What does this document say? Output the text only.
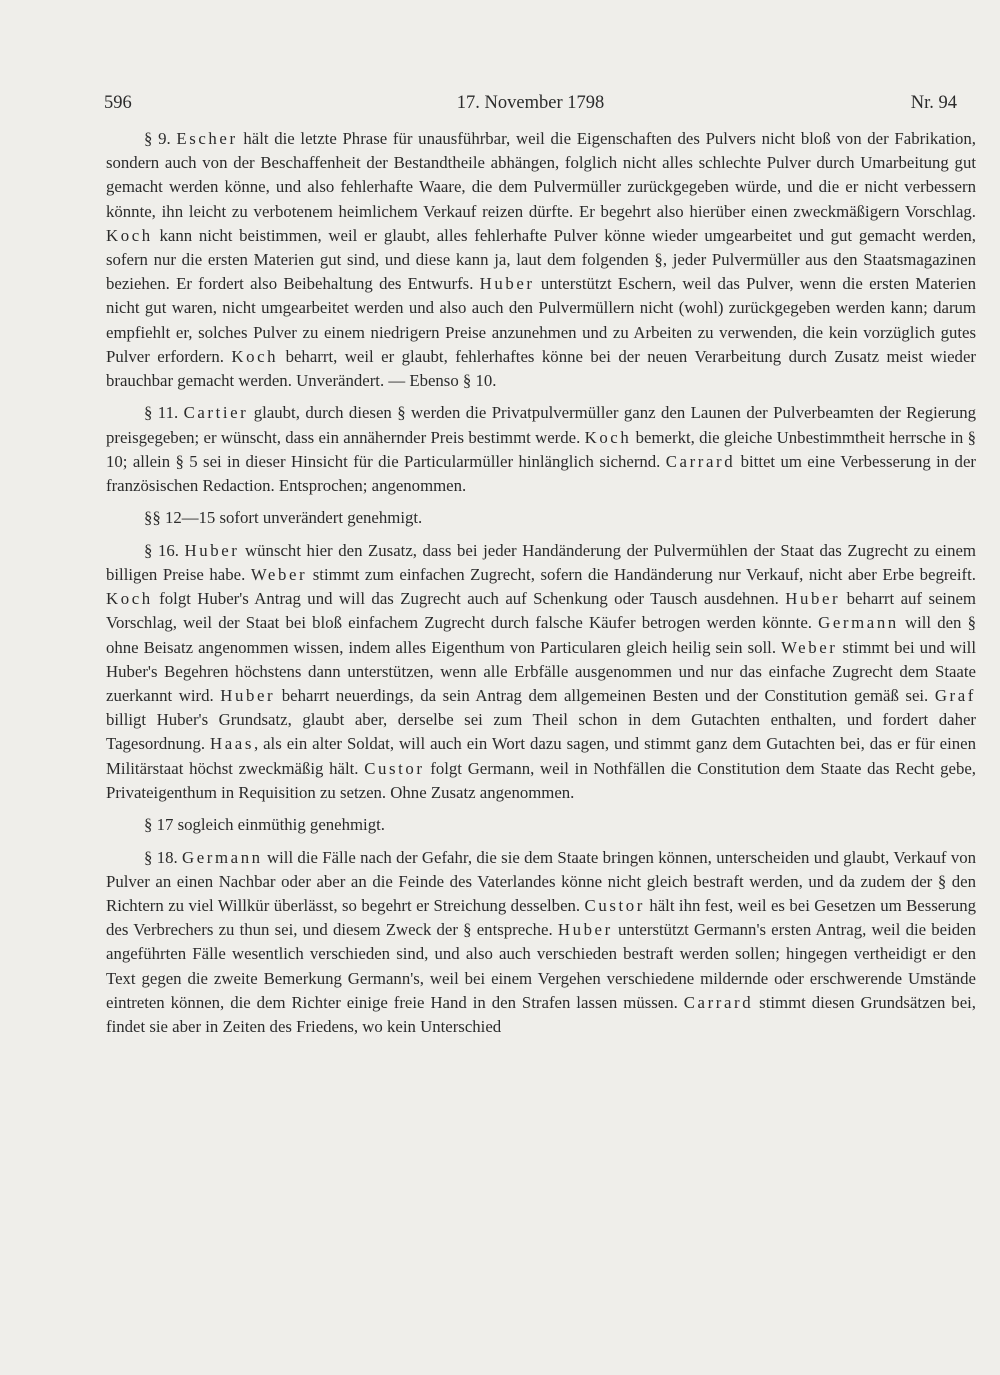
596	17. November 1798	Nr. 94

§ 9. Escher hält die letzte Phrase für unausführbar, weil die Eigenschaften des Pulvers nicht bloß von der Fabrikation, sondern auch von der Beschaffenheit der Bestandtheile abhängen, folglich nicht alles schlechte Pulver durch Umarbeitung gut gemacht werden könne, und also fehlerhafte Waare, die dem Pulvermüller zurückgegeben würde, und die er nicht verbessern könnte, ihn leicht zu verbotenem heimlichem Verkauf reizen dürfte. Er begehrt also hierüber einen zweckmäßigern Vorschlag. Koch kann nicht beistimmen, weil er glaubt, alles fehlerhafte Pulver könne wieder umgearbeitet und gut gemacht werden, sofern nur die ersten Materien gut sind, und diese kann ja, laut dem folgenden §, jeder Pulvermüller aus den Staatsmagazinen beziehen. Er fordert also Beibehaltung des Entwurfs. Huber unterstützt Eschern, weil das Pulver, wenn die ersten Materien nicht gut waren, nicht umgearbeitet werden und also auch den Pulvermüllern nicht (wohl) zurückgegeben werden kann; darum empfiehlt er, solches Pulver zu einem niedrigern Preise anzunehmen und zu Arbeiten zu verwenden, die kein vorzüglich gutes Pulver erfordern. Koch beharrt, weil er glaubt, fehlerhaftes könne bei der neuen Verarbeitung durch Zusatz meist wieder brauchbar gemacht werden. Unverändert. — Ebenso § 10.

§ 11. Cartier glaubt, durch diesen § werden die Privatpulvermüller ganz den Launen der Pulverbeamten der Regierung preisgegeben; er wünscht, dass ein annähernder Preis bestimmt werde. Koch bemerkt, die gleiche Unbestimmtheit herrsche in § 10; allein § 5 sei in dieser Hinsicht für die Particularmüller hinlänglich sichernd. Carrard bittet um eine Verbesserung in der französischen Redaction. Entsprochen; angenommen.

§§ 12—15 sofort unverändert genehmigt.

§ 16. Huber wünscht hier den Zusatz, dass bei jeder Handänderung der Pulvermühlen der Staat das Zugrecht zu einem billigen Preise habe. Weber stimmt zum einfachen Zugrecht, sofern die Handänderung nur Verkauf, nicht aber Erbe begreift. Koch folgt Huber's Antrag und will das Zugrecht auch auf Schenkung oder Tausch ausdehnen. Huber beharrt auf seinem Vorschlag, weil der Staat bei bloß einfachem Zugrecht durch falsche Käufer betrogen werden könnte. Germann will den § ohne Beisatz angenommen wissen, indem alles Eigenthum von Particularen gleich heilig sein soll. Weber stimmt bei und will Huber's Begehren höchstens dann unterstützen, wenn alle Erbfälle ausgenommen und nur das einfache Zugrecht dem Staate zuerkannt wird. Huber beharrt neuerdings, da sein Antrag dem allgemeinen Besten und der Constitution gemäß sei. Graf billigt Huber's Grundsatz, glaubt aber, derselbe sei zum Theil schon in dem Gutachten enthalten, und fordert daher Tagesordnung. Haas, als ein alter Soldat, will auch ein Wort dazu sagen, und stimmt ganz dem Gutachten bei, das er für einen Militärstaat höchst zweckmäßig hält. Custor folgt Germann, weil in Nothfällen die Constitution dem Staate das Recht gebe, Privateigenthum in Requisition zu setzen. Ohne Zusatz angenommen.

§ 17 sogleich einmüthig genehmigt.

§ 18. Germann will die Fälle nach der Gefahr, die sie dem Staate bringen können, unterscheiden und glaubt, Verkauf von Pulver an einen Nachbar oder aber an die Feinde des Vaterlandes könne nicht gleich bestraft werden, und da zudem der § den Richtern zu viel Willkür überlässt, so begehrt er Streichung desselben. Custor hält ihn fest, weil es bei Gesetzen um Besserung des Verbrechers zu thun sei, und diesem Zweck der § entspreche. Huber unterstützt Germann's ersten Antrag, weil die beiden angeführten Fälle wesentlich verschieden sind, und also auch verschieden bestraft werden sollen; hingegen vertheidigt er den Text gegen die zweite Bemerkung Germann's, weil bei einem Vergehen verschiedene mildernde oder erschwerende Umstände eintreten können, die dem Richter einige freie Hand in den Strafen lassen müssen. Carrard stimmt diesen Grundsätzen bei, findet sie aber in Zeiten des Friedens, wo kein Unterschied
